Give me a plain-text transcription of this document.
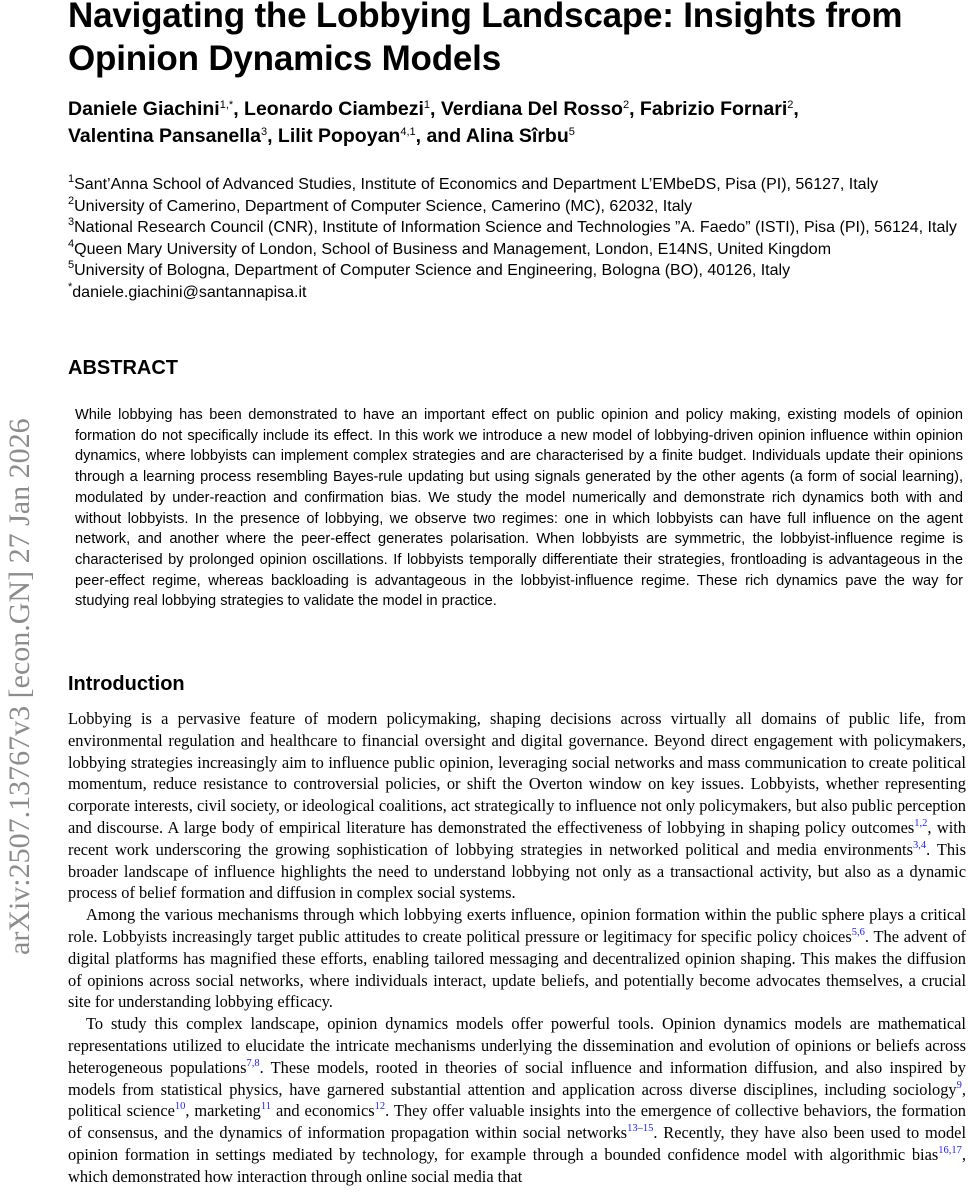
arXiv:2507.13767v3 [econ.GN] 27 Jan 2026
Navigating the Lobbying Landscape: Insights from Opinion Dynamics Models
Daniele Giachini$^{1,*}$, Leonardo Ciambezi$^1$, Verdiana Del Rosso$^2$, Fabrizio Fornari$^2$,
Valentina Pansanella$^3$, Lilit Popoyan$^{4,1}$, and Alina Sîrbu$^5$
$^1$Sant’Anna School of Advanced Studies, Institute of Economics and Department L’EMbeDS, Pisa (PI), 56127, Italy
$^2$University of Camerino, Department of Computer Science, Camerino (MC), 62032, Italy
$^3$National Research Council (CNR), Institute of Information Science and Technologies ”A. Faedo” (ISTI), Pisa (PI), 56124, Italy
$^4$Queen Mary University of London, School of Business and Management, London, E14NS, United Kingdom
$^5$University of Bologna, Department of Computer Science and Engineering, Bologna (BO), 40126, Italy
*daniele.giachini@santannapisa.it
ABSTRACT
While lobbying has been demonstrated to have an important effect on public opinion and policy making, existing models of opinion formation do not specifically include its effect. In this work we introduce a new model of lobbying-driven opinion influence within opinion dynamics, where lobbyists can implement complex strategies and are characterised by a finite budget. Individuals update their opinions through a learning process resembling Bayes-rule updating but using signals generated by the other agents (a form of social learning), modulated by under-reaction and confirmation bias. We study the model numerically and demonstrate rich dynamics both with and without lobbyists. In the presence of lobbying, we observe two regimes: one in which lobbyists can have full influence on the agent network, and another where the peer-effect generates polarisation. When lobbyists are symmetric, the lobbyist-influence regime is characterised by prolonged opinion oscillations. If lobbyists temporally differentiate their strategies, frontloading is advantageous in the peer-effect regime, whereas backloading is advantageous in the lobbyist-influence regime. These rich dynamics pave the way for studying real lobbying strategies to validate the model in practice.
Introduction

Lobbying is a pervasive feature of modern policymaking, shaping decisions across virtually all domains of public life, from environmental regulation and healthcare to financial oversight and digital governance. Beyond direct engagement with policymakers, lobbying strategies increasingly aim to influence public opinion, leveraging social networks and mass communication to create political momentum, reduce resistance to controversial policies, or shift the Overton window on key issues. Lobbyists, whether representing corporate interests, civil society, or ideological coalitions, act strategically to influence not only policymakers, but also public perception and discourse. A large body of empirical literature has demonstrated the effectiveness of lobbying in shaping policy outcomes$^{1,2}$, with recent work underscoring the growing sophistication of lobbying strategies in networked political and media environments$^{3,4}$. This broader landscape of influence highlights the need to understand lobbying not only as a transactional activity, but also as a dynamic process of belief formation and diffusion in complex social systems.

Among the various mechanisms through which lobbying exerts influence, opinion formation within the public sphere plays a critical role. Lobbyists increasingly target public attitudes to create political pressure or legitimacy for specific policy choices$^{5,6}$. The advent of digital platforms has magnified these efforts, enabling tailored messaging and decentralized opinion shaping. This makes the diffusion of opinions across social networks, where individuals interact, update beliefs, and potentially become advocates themselves, a crucial site for understanding lobbying efficacy.

To study this complex landscape, opinion dynamics models offer powerful tools. Opinion dynamics models are mathematical representations utilized to elucidate the intricate mechanisms underlying the dissemination and evolution of opinions or beliefs across heterogeneous populations$^{7,8}$. These models, rooted in theories of social influence and information diffusion, and also inspired by models from statistical physics, have garnered substantial attention and application across diverse disciplines, including sociology$^9$, political science$^{10}$, marketing$^{11}$ and economics$^{12}$. They offer valuable insights into the emergence of collective behaviors, the formation of consensus, and the dynamics of information propagation within social networks$^{13-15}$. Recently, they have also been used to model opinion formation in settings mediated by technology, for example through a bounded confidence model with algorithmic bias$^{16,17}$, which demonstrated how interaction through online social media that
